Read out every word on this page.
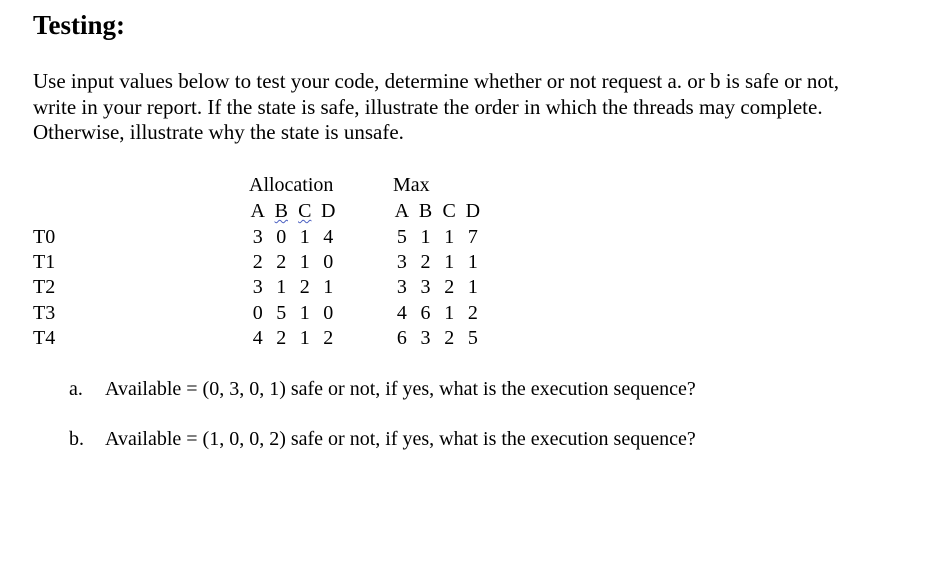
Testing:
Use input values below to test your code, determine whether or not request a. or b is safe or not,
write in your report. If the state is safe, illustrate the order in which the threads may complete.
Otherwise, illustrate why the state is unsafe.
Allocation	Max
A B C D	A B C D
T0	3 0 1 4	5 1 1 7
T1	2 2 1 0	3 2 1 1
T2	3 1 2 1	3 3 2 1
T3	0 5 1 0	4 6 1 2
T4	4 2 1 2	6 3 2 5
a. Available = (0, 3, 0, 1) safe or not, if yes, what is the execution sequence?
b. Available = (1, 0, 0, 2) safe or not, if yes, what is the execution sequence?
